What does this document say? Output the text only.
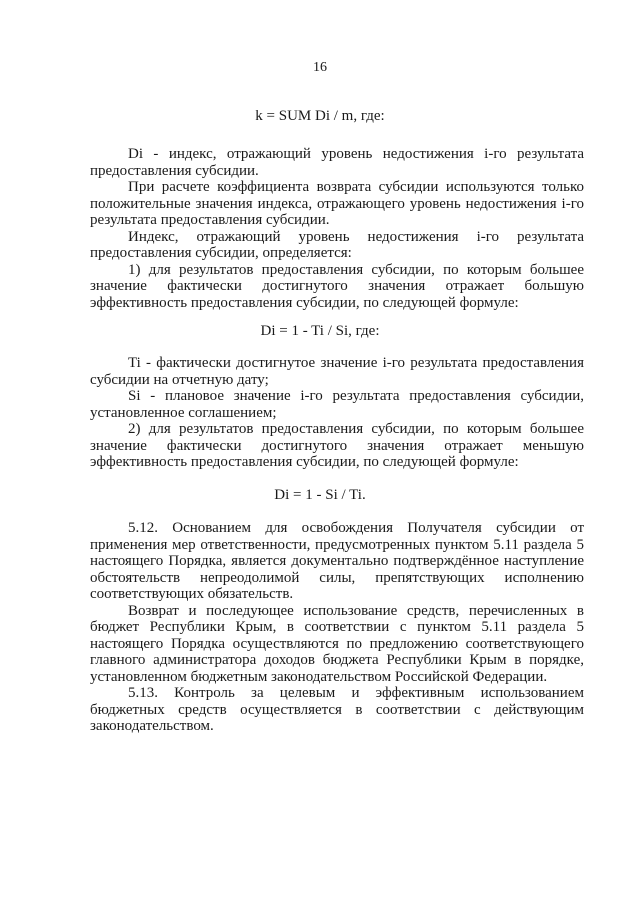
16
k = SUM Di / m, где:

Di - индекс, отражающий уровень недостижения i-го результата предоставления субсидии.

При расчете коэффициента возврата субсидии используются только положительные значения индекса, отражающего уровень недостижения i-го результата предоставления субсидии.

Индекс, отражающий уровень недостижения i-го результата предоставления субсидии, определяется:

1) для результатов предоставления субсидии, по которым большее значение фактически достигнутого значения отражает большую эффективность предоставления субсидии, по следующей формуле:

Di = 1 - Ti / Si, где:

Ti - фактически достигнутое значение i-го результата предоставления субсидии на отчетную дату;

Si - плановое значение i-го результата предоставления субсидии, установленное соглашением;

2) для результатов предоставления субсидии, по которым большее значение фактически достигнутого значения отражает меньшую эффективность предоставления субсидии, по следующей формуле:

Di = 1 - Si / Ti.

5.12. Основанием для освобождения Получателя субсидии от применения мер ответственности, предусмотренных пунктом 5.11 раздела 5 настоящего Порядка, является документально подтверждённое наступление обстоятельств непреодолимой силы, препятствующих исполнению соответствующих обязательств.

Возврат и последующее использование средств, перечисленных в бюджет Республики Крым, в соответствии с пунктом 5.11 раздела 5 настоящего Порядка осуществляются по предложению соответствующего главного администратора доходов бюджета Республики Крым в порядке, установленном бюджетным законодательством Российской Федерации.

5.13. Контроль за целевым и эффективным использованием бюджетных средств осуществляется в соответствии с действующим законодательством.
